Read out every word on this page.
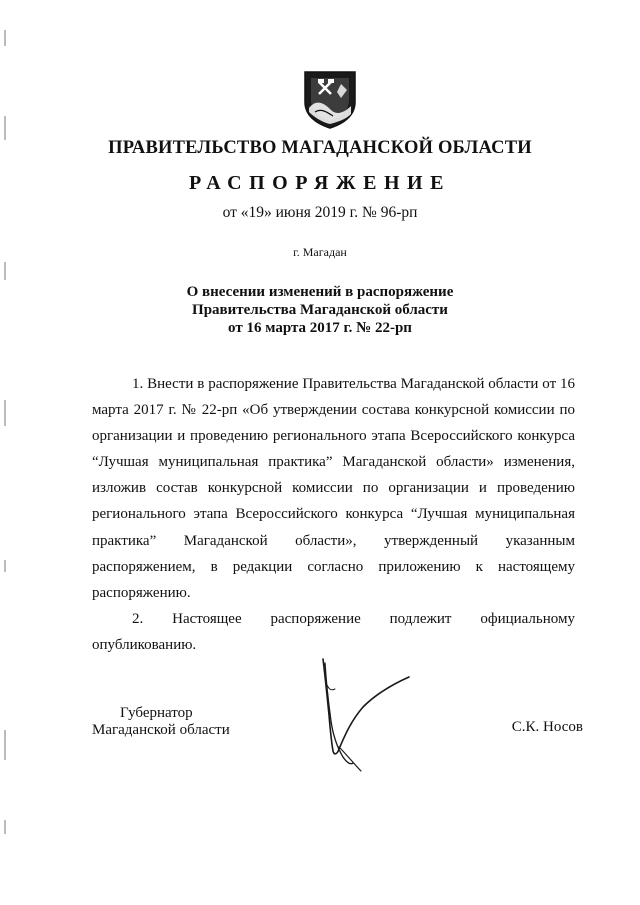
ПРАВИТЕЛЬСТВО МАГАДАНСКОЙ ОБЛАСТИ
РАСПОРЯЖЕНИЕ
от «19» июня 2019 г. № 96-рп
г. Магадан
О внесении изменений в распоряжение
Правительства Магаданской области
от 16 марта 2017 г. № 22-рп

1. Внести в распоряжение Правительства Магаданской области от 16 марта 2017 г. № 22-рп «Об утверждении состава конкурсной комиссии по организации и проведению регионального этапа Всероссийского конкурса “Лучшая муниципальная практика” Магаданской области» изменения, изложив состав конкурсной комиссии по организации и проведению регионального этапа Всероссийского конкурса “Лучшая муниципальная практика” Магаданской области», утвержденный указанным распоряжением, в редакции согласно приложению к настоящему распоряжению.

2. Настоящее распоряжение подлежит официальному опубликованию.

Губернатор
Магаданской области	С.К. Носов
